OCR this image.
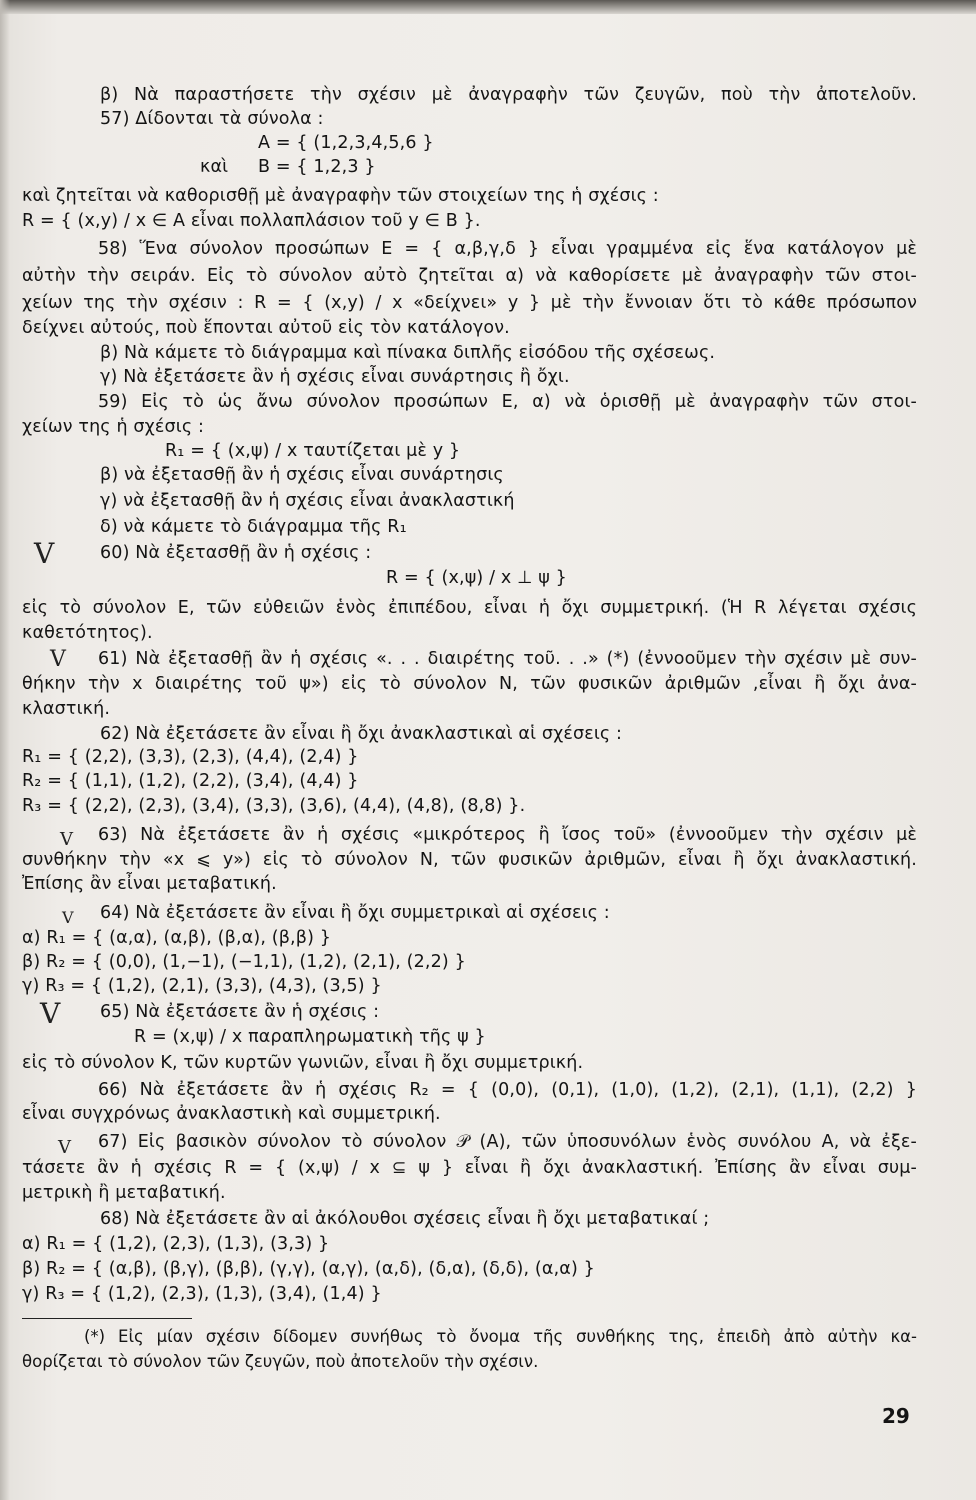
β) Νὰ παραστήσετε τὴν σχέσιν μὲ ἀναγραφὴν τῶν ζευγῶν, ποὺ τὴν ἀποτελοῦν.
57) Δίδονται τὰ σύνολα :
A = { (1,2,3,4,5,6 }
καὶ	B = { 1,2,3 }
καὶ ζητεῖται νὰ καθορισθῇ μὲ ἀναγραφὴν τῶν στοιχείων της ἡ σχέσις :
R = { (x,y) / x ∈ A εἶναι πολλαπλάσιον τοῦ y ∈ B }.
58) Ἕνα σύνολον προσώπων E = { α,β,γ,δ } εἶναι γραμμένα εἰς ἕνα κατάλογον μὲ
αὐτὴν τὴν σειράν. Εἰς τὸ σύνολον αὐτὸ ζητεῖται α) νὰ καθορίσετε μὲ ἀναγραφὴν τῶν στοι-
χείων της τὴν σχέσιν : R = { (x,y) / x «δείχνει» y } μὲ τὴν ἔννοιαν ὅτι τὸ κάθε πρόσωπον
δείχνει αὐτούς, ποὺ ἕπονται αὐτοῦ εἰς τὸν κατάλογον.
β) Νὰ κάμετε τὸ διάγραμμα καὶ πίνακα διπλῆς εἰσόδου τῆς σχέσεως.
γ) Νὰ ἐξετάσετε ἂν ἡ σχέσις εἶναι συνάρτησις ἢ ὄχι.
59) Εἰς τὸ ὡς ἄνω σύνολον προσώπων E, α) νὰ ὁρισθῇ μὲ ἀναγραφὴν τῶν στοι-
χείων της ἡ σχέσις :
R₁ = { (x,ψ) / x ταυτίζεται μὲ y }
β) νὰ ἐξετασθῇ ἂν ἡ σχέσις εἶναι συνάρτησις
γ) νὰ ἐξετασθῇ ἂν ἡ σχέσις εἶναι ἀνακλαστική
δ) νὰ κάμετε τὸ διάγραμμα τῆς R₁
60) Νὰ ἐξετασθῇ ἂν ἡ σχέσις :
R = { (x,ψ) / x ⊥ ψ }
εἰς τὸ σύνολον E, τῶν εὐθειῶν ἑνὸς ἐπιπέδου, εἶναι ἡ ὄχι συμμετρική. (Ἡ R λέγεται σχέσις
καθετότητος).
61) Νὰ ἐξετασθῇ ἂν ἡ σχέσις «. . . διαιρέτης τοῦ. . .» (*) (ἐννοοῦμεν τὴν σχέσιν μὲ συν-
θήκην τὴν x διαιρέτης τοῦ ψ») εἰς τὸ σύνολον N, τῶν φυσικῶν ἀριθμῶν ,εἶναι ἢ ὄχι ἀνα-
κλαστική.
62) Νὰ ἐξετάσετε ἂν εἶναι ἢ ὄχι ἀνακλαστικαὶ αἱ σχέσεις :
R₁ = { (2,2), (3,3), (2,3), (4,4), (2,4) }
R₂ = { (1,1), (1,2), (2,2), (3,4), (4,4) }
R₃ = { (2,2), (2,3), (3,4), (3,3), (3,6), (4,4), (4,8), (8,8) }.
63) Νὰ ἐξετάσετε ἂν ἡ σχέσις «μικρότερος ἢ ἴσος τοῦ» (ἐννοοῦμεν τὴν σχέσιν μὲ
συνθήκην τὴν «x ⩽ y») εἰς τὸ σύνολον N, τῶν φυσικῶν ἀριθμῶν, εἶναι ἢ ὄχι ἀνακλαστική.
Ἐπίσης ἂν εἶναι μεταβατική.
64) Νὰ ἐξετάσετε ἂν εἶναι ἢ ὄχι συμμετρικαὶ αἱ σχέσεις :
α) R₁ = { (α,α), (α,β), (β,α), (β,β) }
β) R₂ = { (0,0), (1,−1), (−1,1), (1,2), (2,1), (2,2) }
γ) R₃ = { (1,2), (2,1), (3,3), (4,3), (3,5) }
65) Νὰ ἐξετάσετε ἂν ἡ σχέσις :
R = (x,ψ) / x παραπληρωματικὴ τῆς ψ }
εἰς τὸ σύνολον K, τῶν κυρτῶν γωνιῶν, εἶναι ἢ ὄχι συμμετρική.
66) Νὰ ἐξετάσετε ἂν ἡ σχέσις R₂ = { (0,0), (0,1), (1,0), (1,2), (2,1), (1,1), (2,2) }
εἶναι συγχρόνως ἀνακλαστικὴ καὶ συμμετρική.
67) Εἰς βασικὸν σύνολον τὸ σύνολον 𝒫 (A), τῶν ὑποσυνόλων ἑνὸς συνόλου A, νὰ ἐξε-
τάσετε ἂν ἡ σχέσις R = { (x,ψ) / x ⊆ ψ } εἶναι ἢ ὄχι ἀνακλαστική. Ἐπίσης ἂν εἶναι συμ-
μετρικὴ ἢ μεταβατική.
68) Νὰ ἐξετάσετε ἂν αἱ ἀκόλουθοι σχέσεις εἶναι ἢ ὄχι μεταβατικαί ;
α) R₁ = { (1,2), (2,3), (1,3), (3,3) }
β) R₂ = { (α,β), (β,γ), (β,β), (γ,γ), (α,γ), (α,δ), (δ,α), (δ,δ), (α,α) }
γ) R₃ = { (1,2), (2,3), (1,3), (3,4), (1,4) }
(*) Εἰς μίαν σχέσιν δίδομεν συνήθως τὸ ὄνομα τῆς συνθήκης της, ἐπειδὴ ἀπὸ αὐτὴν κα-
θορίζεται τὸ σύνολον τῶν ζευγῶν, ποὺ ἀποτελοῦν τὴν σχέσιν.
29
V
V
V
V
V
V
